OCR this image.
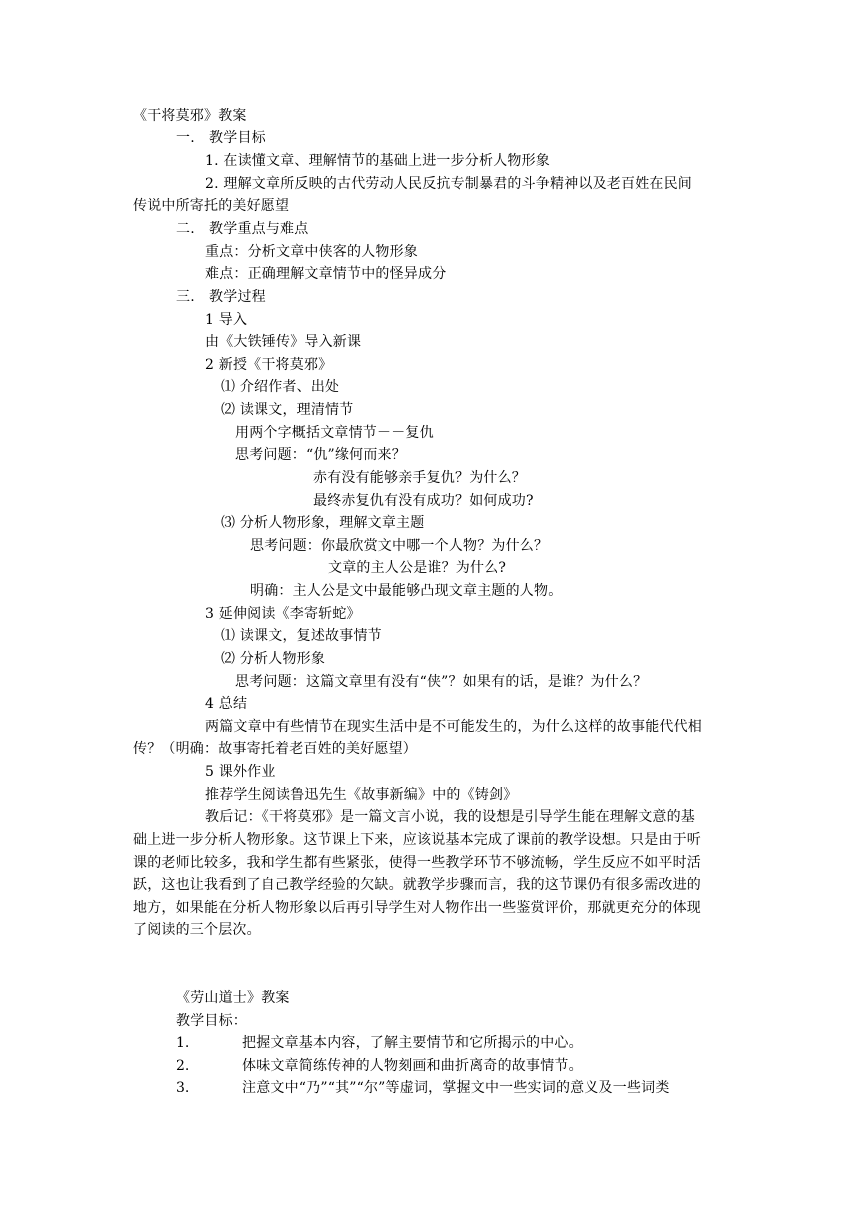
《干将莫邪》教案
一.　教学目标
1. 在读懂文章、理解情节的基础上进一步分析人物形象
2. 理解文章所反映的古代劳动人民反抗专制暴君的斗争精神以及老百姓在民间
传说中所寄托的美好愿望
二.　教学重点与难点
重点：分析文章中侠客的人物形象
难点：正确理解文章情节中的怪异成分
三.　教学过程
1 导入
由《大铁锤传》导入新课
2 新授《干将莫邪》
⑴ 介绍作者、出处
⑵ 读课文，理清情节
用两个字概括文章情节－－复仇
思考问题：“仇”缘何而来？
赤有没有能够亲手复仇？为什么？
最终赤复仇有没有成功？如何成功?
⑶ 分析人物形象，理解文章主题
思考问题：你最欣赏文中哪一个人物？为什么？
文章的主人公是谁？为什么?
明确：主人公是文中最能够凸现文章主题的人物。
3 延伸阅读《李寄斩蛇》
⑴ 读课文，复述故事情节
⑵ 分析人物形象
思考问题：这篇文章里有没有“侠”？如果有的话，是谁？为什么？
4 总结
两篇文章中有些情节在现实生活中是不可能发生的，为什么这样的故事能代代相
传？（明确：故事寄托着老百姓的美好愿望）
5 课外作业
推荐学生阅读鲁迅先生《故事新编》中的《铸剑》
教后记：《干将莫邪》是一篇文言小说，我的设想是引导学生能在理解文意的基
础上进一步分析人物形象。这节课上下来，应该说基本完成了课前的教学设想。只是由于听
课的老师比较多，我和学生都有些紧张，使得一些教学环节不够流畅，学生反应不如平时活
跃，这也让我看到了自己教学经验的欠缺。就教学步骤而言，我的这节课仍有很多需改进的
地方，如果能在分析人物形象以后再引导学生对人物作出一些鉴赏评价，那就更充分的体现
了阅读的三个层次。
《劳山道士》教案
教学目标：
1.	把握文章基本内容，了解主要情节和它所揭示的中心。
2.	体味文章简练传神的人物刻画和曲折离奇的故事情节。
3.	注意文中“乃”“其”“尔”等虚词，掌握文中一些实词的意义及一些词类
